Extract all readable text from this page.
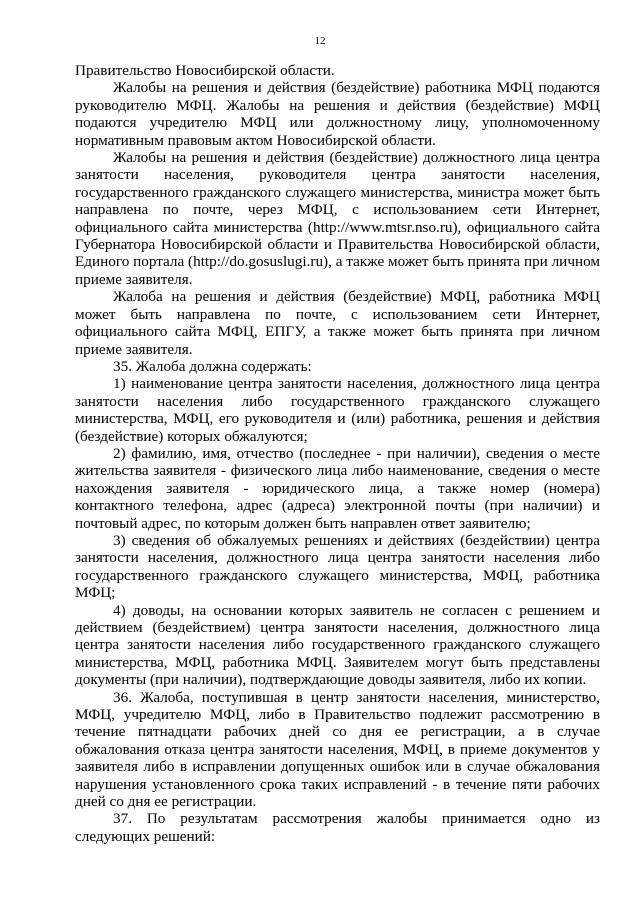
12

Правительство Новосибирской области.

Жалобы на решения и действия (бездействие) работника МФЦ подаются руководителю МФЦ. Жалобы на решения и действия (бездействие) МФЦ подаются учредителю МФЦ или должностному лицу, уполномоченному нормативным правовым актом Новосибирской области.

Жалобы на решения и действия (бездействие) должностного лица центра занятости населения, руководителя центра занятости населения, государственного гражданского служащего министерства, министра может быть направлена по почте, через МФЦ, с использованием сети Интернет, официального сайта министерства (http://www.mtsr.nso.ru), официального сайта Губернатора Новосибирской области и Правительства Новосибирской области, Единого портала (http://do.gosuslugi.ru), а также может быть принята при личном приеме заявителя.

Жалоба на решения и действия (бездействие) МФЦ, работника МФЦ может быть направлена по почте, с использованием сети Интернет, официального сайта МФЦ, ЕПГУ, а также может быть принята при личном приеме заявителя.

35. Жалоба должна содержать:

1) наименование центра занятости населения, должностного лица центра занятости населения либо государственного гражданского служащего министерства, МФЦ, его руководителя и (или) работника, решения и действия (бездействие) которых обжалуются;

2) фамилию, имя, отчество (последнее - при наличии), сведения о месте жительства заявителя - физического лица либо наименование, сведения о месте нахождения заявителя - юридического лица, а также номер (номера) контактного телефона, адрес (адреса) электронной почты (при наличии) и почтовый адрес, по которым должен быть направлен ответ заявителю;

3) сведения об обжалуемых решениях и действиях (бездействии) центра занятости населения, должностного лица центра занятости населения либо государственного гражданского служащего министерства, МФЦ, работника МФЦ;

4) доводы, на основании которых заявитель не согласен с решением и действием (бездействием) центра занятости населения, должностного лица центра занятости населения либо государственного гражданского служащего министерства, МФЦ, работника МФЦ. Заявителем могут быть представлены документы (при наличии), подтверждающие доводы заявителя, либо их копии.

36. Жалоба, поступившая в центр занятости населения, министерство, МФЦ, учредителю МФЦ, либо в Правительство подлежит рассмотрению в течение пятнадцати рабочих дней со дня ее регистрации, а в случае обжалования отказа центра занятости населения, МФЦ, в приеме документов у заявителя либо в исправлении допущенных ошибок или в случае обжалования нарушения установленного срока таких исправлений - в течение пяти рабочих дней со дня ее регистрации.

37. По результатам рассмотрения жалобы принимается одно из следующих решений:
